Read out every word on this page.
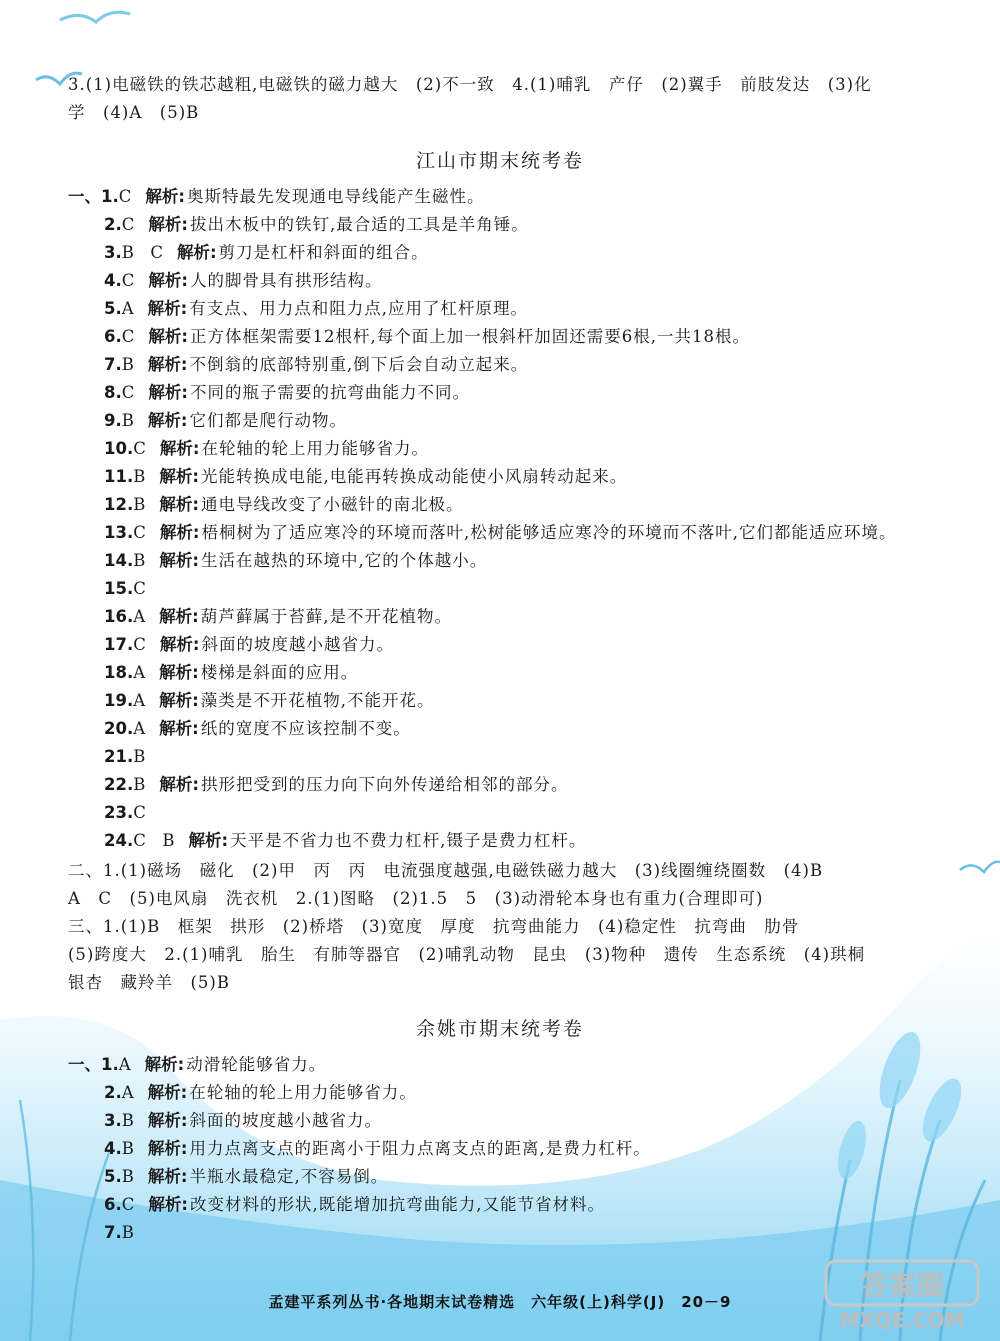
3.(1)电磁铁的铁芯越粗,电磁铁的磁力越大　(2)不一致　4.(1)哺乳　产仔　(2)翼手　前肢发达　(3)化
学　(4)A　(5)B
江山市期末统考卷
一、1.C 解析: 奥斯特最先发现通电导线能产生磁性。
2.C 解析: 拔出木板中的铁钉,最合适的工具是羊角锤。
3.B　C 解析: 剪刀是杠杆和斜面的组合。
4.C 解析: 人的脚骨具有拱形结构。
5.A 解析: 有支点、用力点和阻力点,应用了杠杆原理。
6.C 解析: 正方体框架需要12根杆,每个面上加一根斜杆加固还需要6根,一共18根。
7.B 解析: 不倒翁的底部特别重,倒下后会自动立起来。
8.C 解析: 不同的瓶子需要的抗弯曲能力不同。
9.B 解析: 它们都是爬行动物。
10.C 解析: 在轮轴的轮上用力能够省力。
11.B 解析: 光能转换成电能,电能再转换成动能使小风扇转动起来。
12.B 解析: 通电导线改变了小磁针的南北极。
13.C 解析: 梧桐树为了适应寒冷的环境而落叶,松树能够适应寒冷的环境而不落叶,它们都能适应环境。
14.B 解析: 生活在越热的环境中,它的个体越小。
15.C
16.A 解析: 葫芦藓属于苔藓,是不开花植物。
17.C 解析: 斜面的坡度越小越省力。
18.A 解析: 楼梯是斜面的应用。
19.A 解析: 藻类是不开花植物,不能开花。
20.A 解析: 纸的宽度不应该控制不变。
21.B
22.B 解析: 拱形把受到的压力向下向外传递给相邻的部分。
23.C
24.C　B 解析: 天平是不省力也不费力杠杆,镊子是费力杠杆。
二、1.(1)磁场　磁化　(2)甲　丙　丙　电流强度越强,电磁铁磁力越大　(3)线圈缠绕圈数　(4)B
A　C　(5)电风扇　洗衣机　2.(1)图略　(2)1.5　5　(3)动滑轮本身也有重力(合理即可)
三、1.(1)B　框架　拱形　(2)桥塔　(3)宽度　厚度　抗弯曲能力　(4)稳定性　抗弯曲　肋骨
(5)跨度大　2.(1)哺乳　胎生　有肺等器官　(2)哺乳动物　昆虫　(3)物种　遗传　生态系统　(4)珙桐
银杏　藏羚羊　(5)B
余姚市期末统考卷
一、1.A 解析: 动滑轮能够省力。
2.A 解析: 在轮轴的轮上用力能够省力。
3.B 解析: 斜面的坡度越小越省力。
4.B 解析: 用力点离支点的距离小于阻力点离支点的距离,是费力杠杆。
5.B 解析: 半瓶水最稳定,不容易倒。
6.C 解析: 改变材料的形状,既能增加抗弯曲能力,又能节省材料。
7.B
孟建平系列丛书·各地期末试卷精选　六年级(上)科学(J)　20－9	答案圈
MXQE.COM
